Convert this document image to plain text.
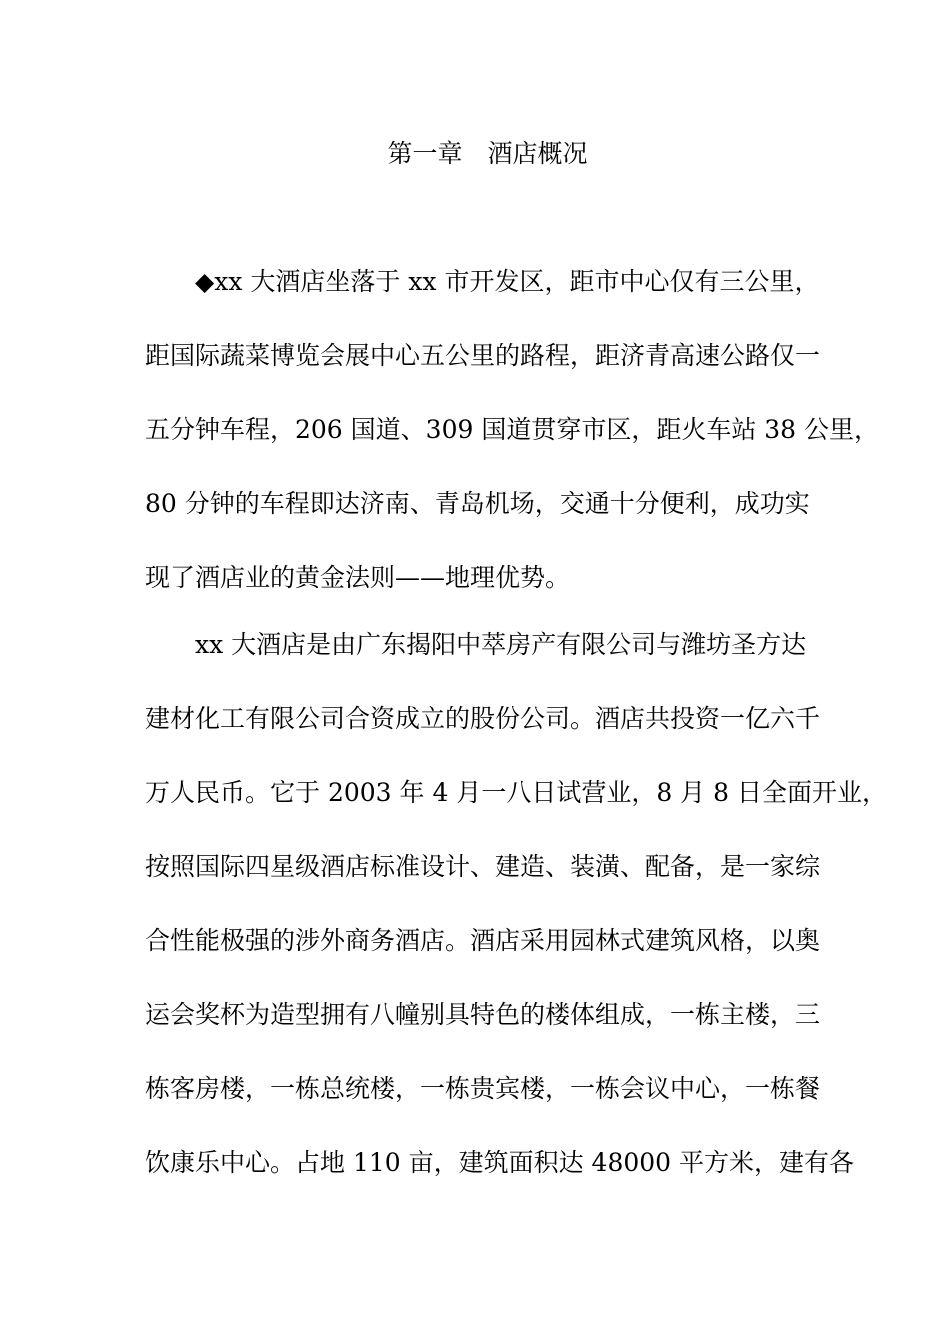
第一章　酒店概况
◆xx 大酒店坐落于 xx 市开发区，距市中心仅有三公里，
距国际蔬菜博览会展中心五公里的路程，距济青高速公路仅一
五分钟车程，206 国道、309 国道贯穿市区，距火车站 38 公里，
80 分钟的车程即达济南、青岛机场，交通十分便利，成功实
现了酒店业的黄金法则——地理优势。
xx 大酒店是由广东揭阳中萃房产有限公司与潍坊圣方达
建材化工有限公司合资成立的股份公司。酒店共投资一亿六千
万人民币。它于 2003 年 4 月一八日试营业，8 月 8 日全面开业，
按照国际四星级酒店标准设计、建造、装潢、配备，是一家综
合性能极强的涉外商务酒店。酒店采用园林式建筑风格，以奥
运会奖杯为造型拥有八幢别具特色的楼体组成，一栋主楼，三
栋客房楼，一栋总统楼，一栋贵宾楼，一栋会议中心，一栋餐
饮康乐中心。占地 110 亩，建筑面积达 48000 平方米，建有各
